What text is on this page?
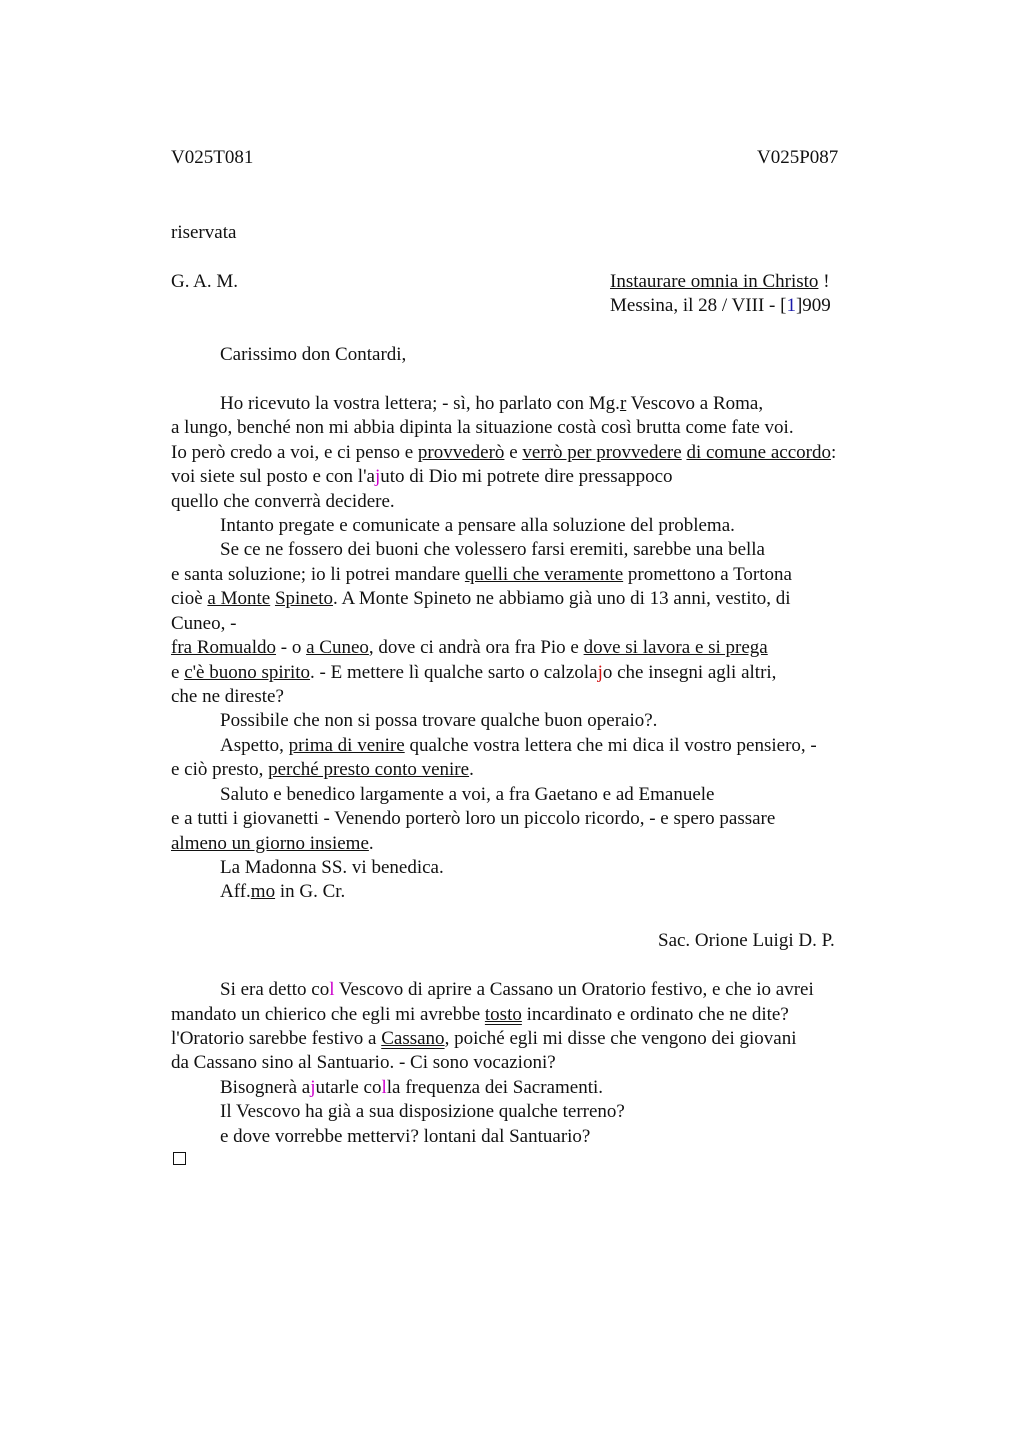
V025T081	V025P087
riservata
G. A. M.	Instaurare omnia in Christo !
Messina, il 28 / VIII - [1]909
Carissimo don Contardi,
Ho ricevuto la vostra lettera; - sì, ho parlato con Mg.r Vescovo a Roma,
a lungo, benché non mi abbia dipinta la situazione costà così brutta come fate voi.
Io però credo a voi, e ci penso e provvederò e verrò per provvedere di comune accordo:
voi siete sul posto e con l'ajuto di Dio mi potrete dire pressappoco
quello che converrà decidere.
Intanto pregate e comunicate a pensare alla soluzione del problema.
Se ce ne fossero dei buoni che volessero farsi eremiti, sarebbe una bella
e santa soluzione; io li potrei mandare quelli che veramente promettono a Tortona
cioè a Monte Spineto. A Monte Spineto ne abbiamo già uno di 13 anni, vestito, di
Cuneo, -
fra Romualdo - o a Cuneo, dove ci andrà ora fra Pio e dove si lavora e si prega
e c'è buono spirito. - E mettere lì qualche sarto o calzolajo che insegni agli altri,
che ne direste?
Possibile che non si possa trovare qualche buon operaio?.
Aspetto, prima di venire qualche vostra lettera che mi dica il vostro pensiero, -
e ciò presto, perché presto conto venire.
Saluto e benedico largamente a voi, a fra Gaetano e ad Emanuele
e a tutti i giovanetti - Venendo porterò loro un piccolo ricordo, - e spero passare
almeno un giorno insieme.
La Madonna SS. vi benedica.
Aff.mo in G. Cr.
Sac. Orione Luigi D. P.
Si era detto col Vescovo di aprire a Cassano un Oratorio festivo, e che io avrei
mandato un chierico che egli mi avrebbe tosto incardinato e ordinato che ne dite?
l'Oratorio sarebbe festivo a Cassano, poiché egli mi disse che vengono dei giovani
da Cassano sino al Santuario. - Ci sono vocazioni?
Bisognerà ajutarle colla frequenza dei Sacramenti.
Il Vescovo ha già a sua disposizione qualche terreno?
e dove vorrebbe mettervi? lontani dal Santuario?
